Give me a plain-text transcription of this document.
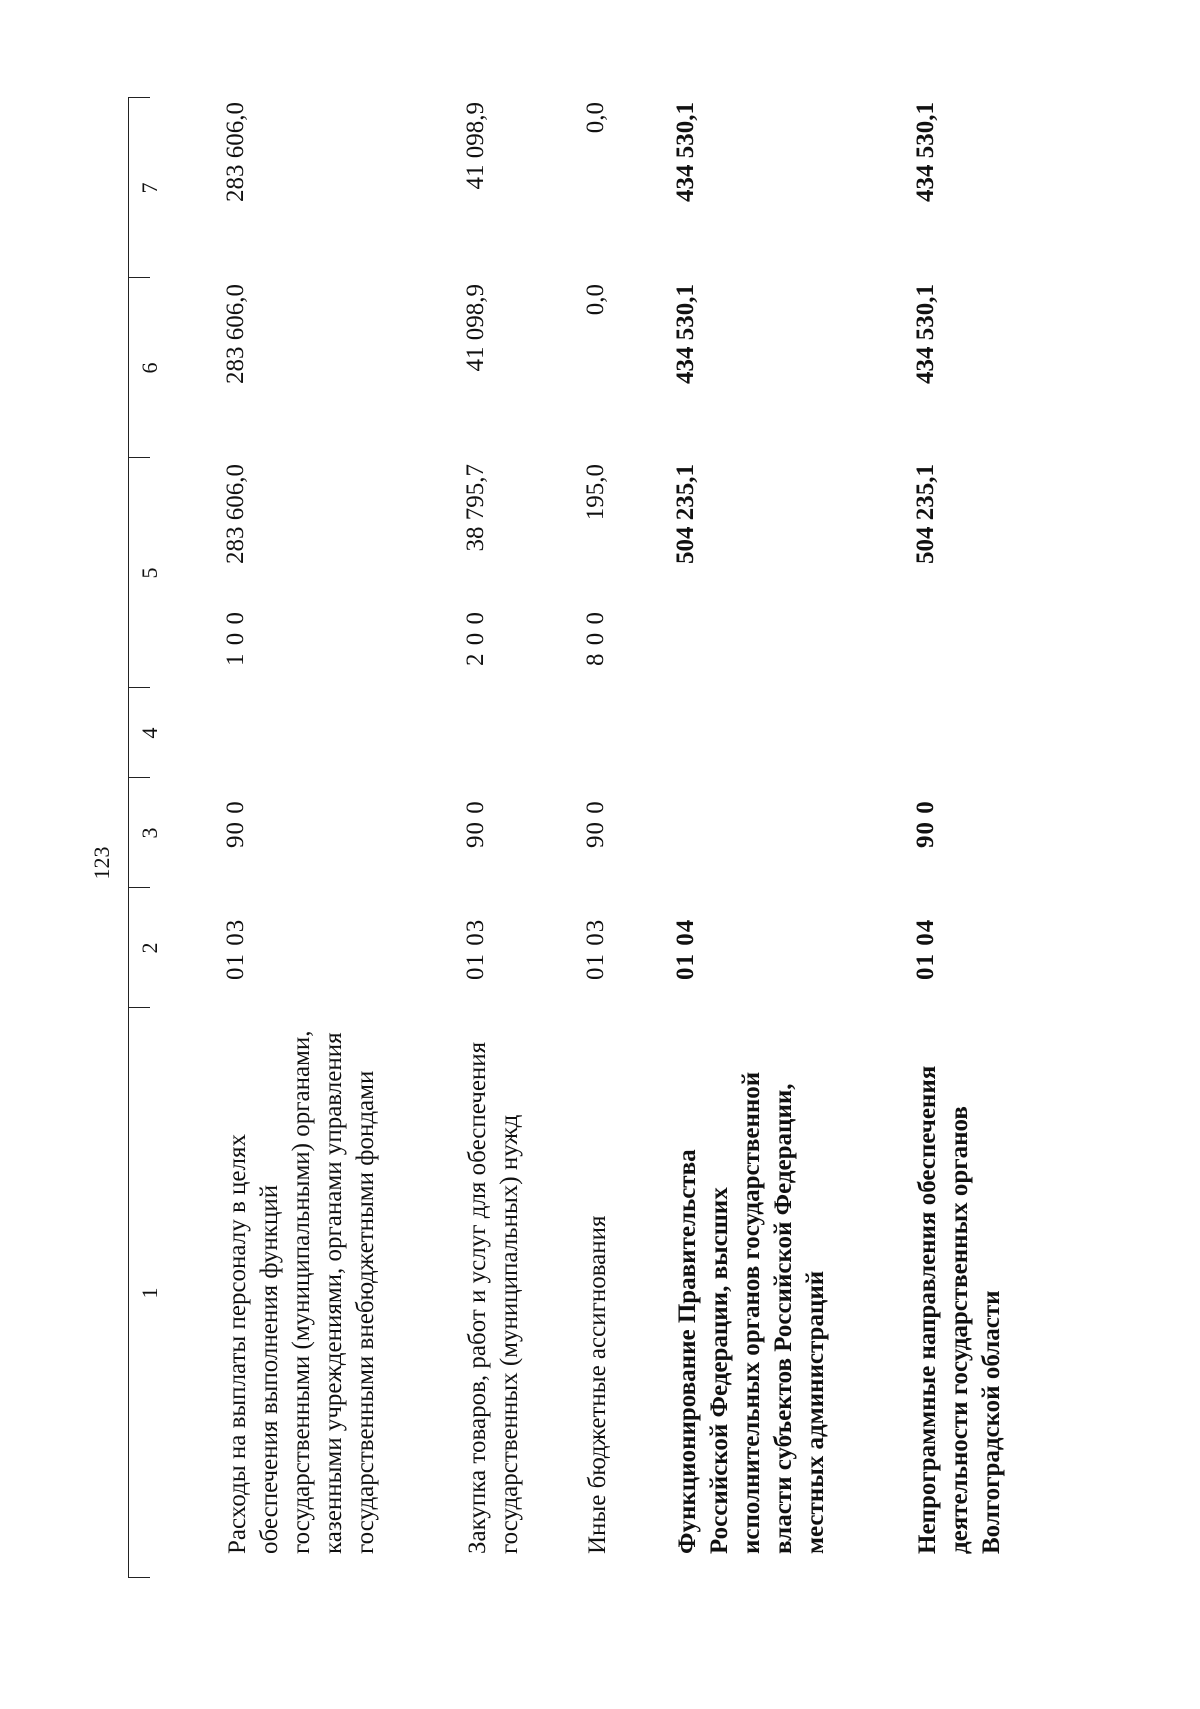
123
1
2
3
4
5
6
7
Расходы на выплаты персоналу в целях обеспечения выполнения функций государственными (муниципальными) органами, казенными учреждениями, органами управления государственными внебюджетными фондами
01 03
90 0
1 0 0
283 606,0
283 606,0
283 606,0
Закупка товаров, работ и услуг для обеспечения государственных (муниципальных) нужд
01 03
90 0
2 0 0
38 795,7
41 098,9
41 098,9
Иные бюджетные ассигнования
01 03
90 0
8 0 0
195,0
0,0
0,0
Функционирование Правительства Российской Федерации, высших исполнительных органов государственной власти субъектов Российской Федерации, местных администраций
01 04
504 235,1
434 530,1
434 530,1
Непрограммные направления обеспечения деятельности государственных органов Волгоградской области
01 04
90 0
504 235,1
434 530,1
434 530,1
